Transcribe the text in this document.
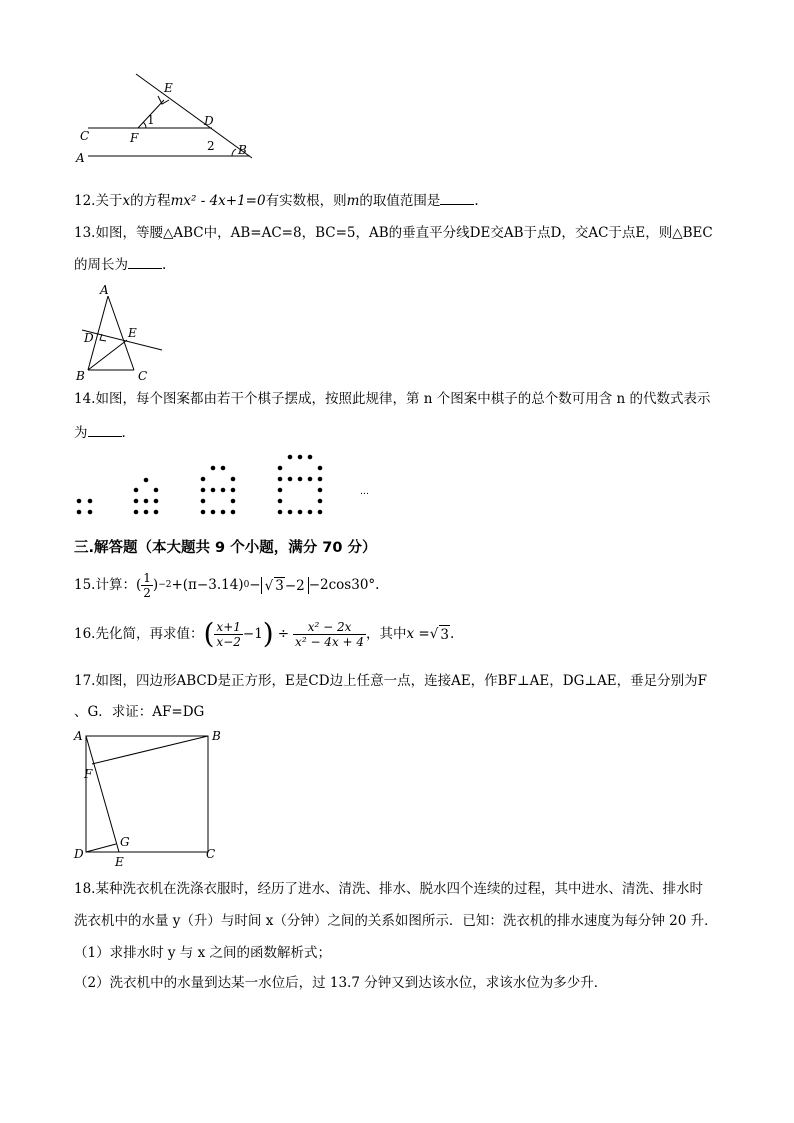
E
1	D
C	F
2
A
B
12.关于x的方程mx² - 4x+1=0有实数根，则m的取值范围是	.
13.如图，等腰△ABC中，AB=AC=8，BC=5，AB的垂直平分线DE交AB于点D，交AC于点E，则△BEC
的周长为	.
A
D	E
B	C
14.如图，每个图案都由若干个棋子摆成，按照此规律，第 n 个图案中棋子的总个数可用含 n 的代数式表示
为	.
…
三.解答题（本大题共 9 个小题，满分 70 分）
15. 计算： ( $\frac{1}{2}$ ) −2 +(π−3.14) 0 − √ 3−2 −2cos30°.
16. 先化简，再求值： ( $\frac{x+1}{x-2} -1$ ) ÷ $\frac{\text{x² − 2x}}{\text{x² − 4x + 4}}$ ，其中 x = √ 3 .
17.如图，四边形ABCD是正方形，E是CD边上任意一点，连接AE，作BF⊥AE，DG⊥AE，垂足分别为F
、G．求证：AF=DG
A	B
F
G
D
E
C
18.某种洗衣机在洗涤衣服时，经历了进水、清洗、排水、脱水四个连续的过程，其中进水、清洗、排水时
洗衣机中的水量 y（升）与时间 x（分钟）之间的关系如图所示．已知：洗衣机的排水速度为每分钟 20 升．
（1）求排水时 y 与 x 之间的函数解析式；
（2）洗衣机中的水量到达某一水位后，过 13.7 分钟又到达该水位，求该水位为多少升．
